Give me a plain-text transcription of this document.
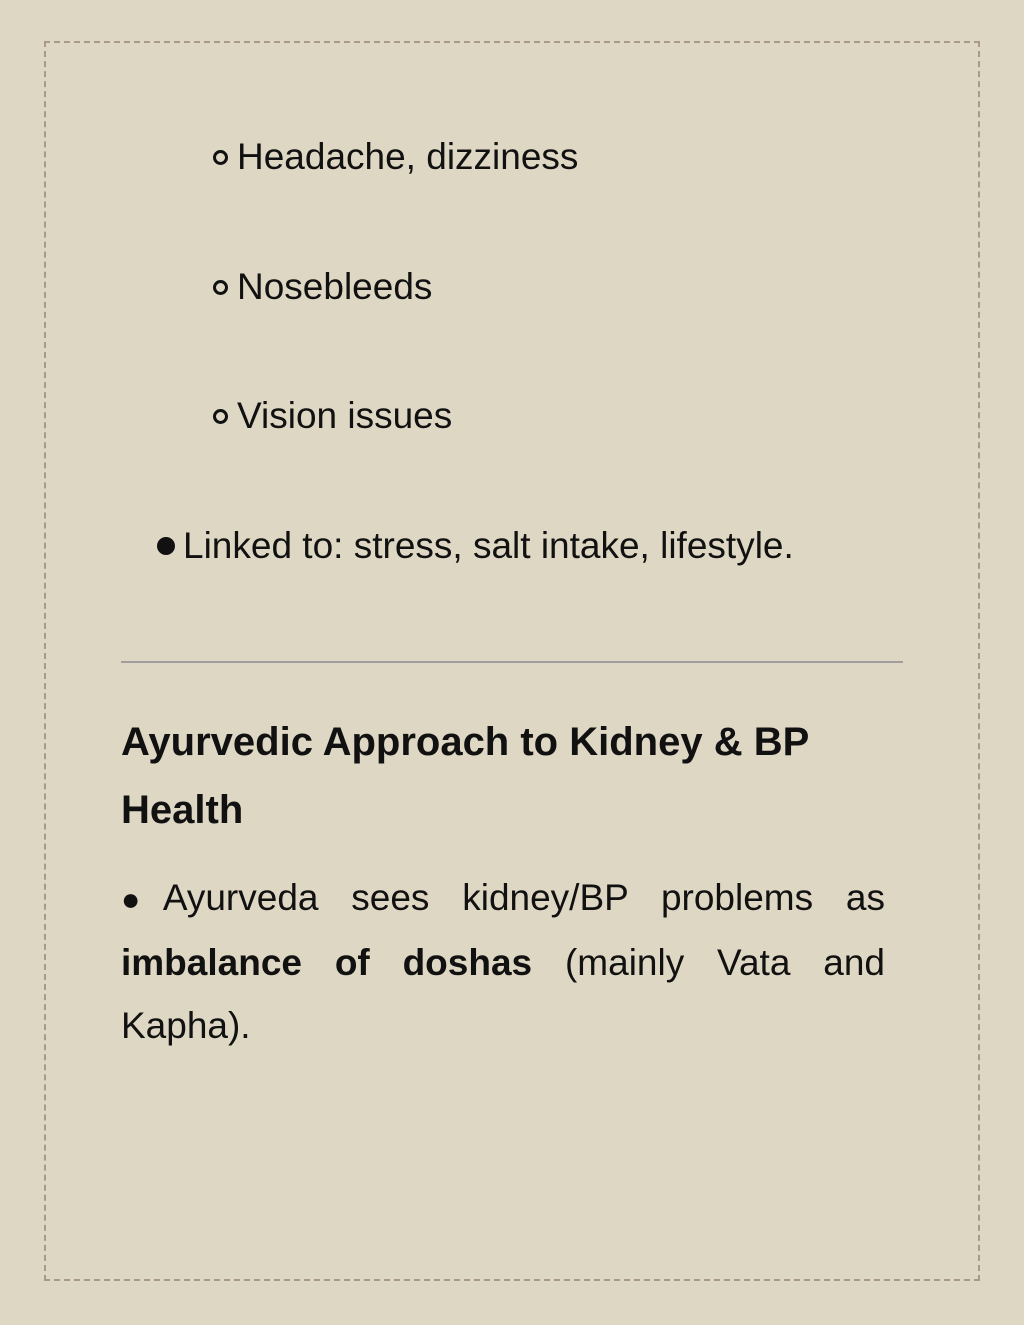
Headache, dizziness
Nosebleeds
Vision issues
Linked to: stress, salt intake, lifestyle.
Ayurvedic Approach to Kidney & BP Health
●Ayurveda sees kidney/BP problems as imbalance of doshas (mainly Vata and Kapha).
